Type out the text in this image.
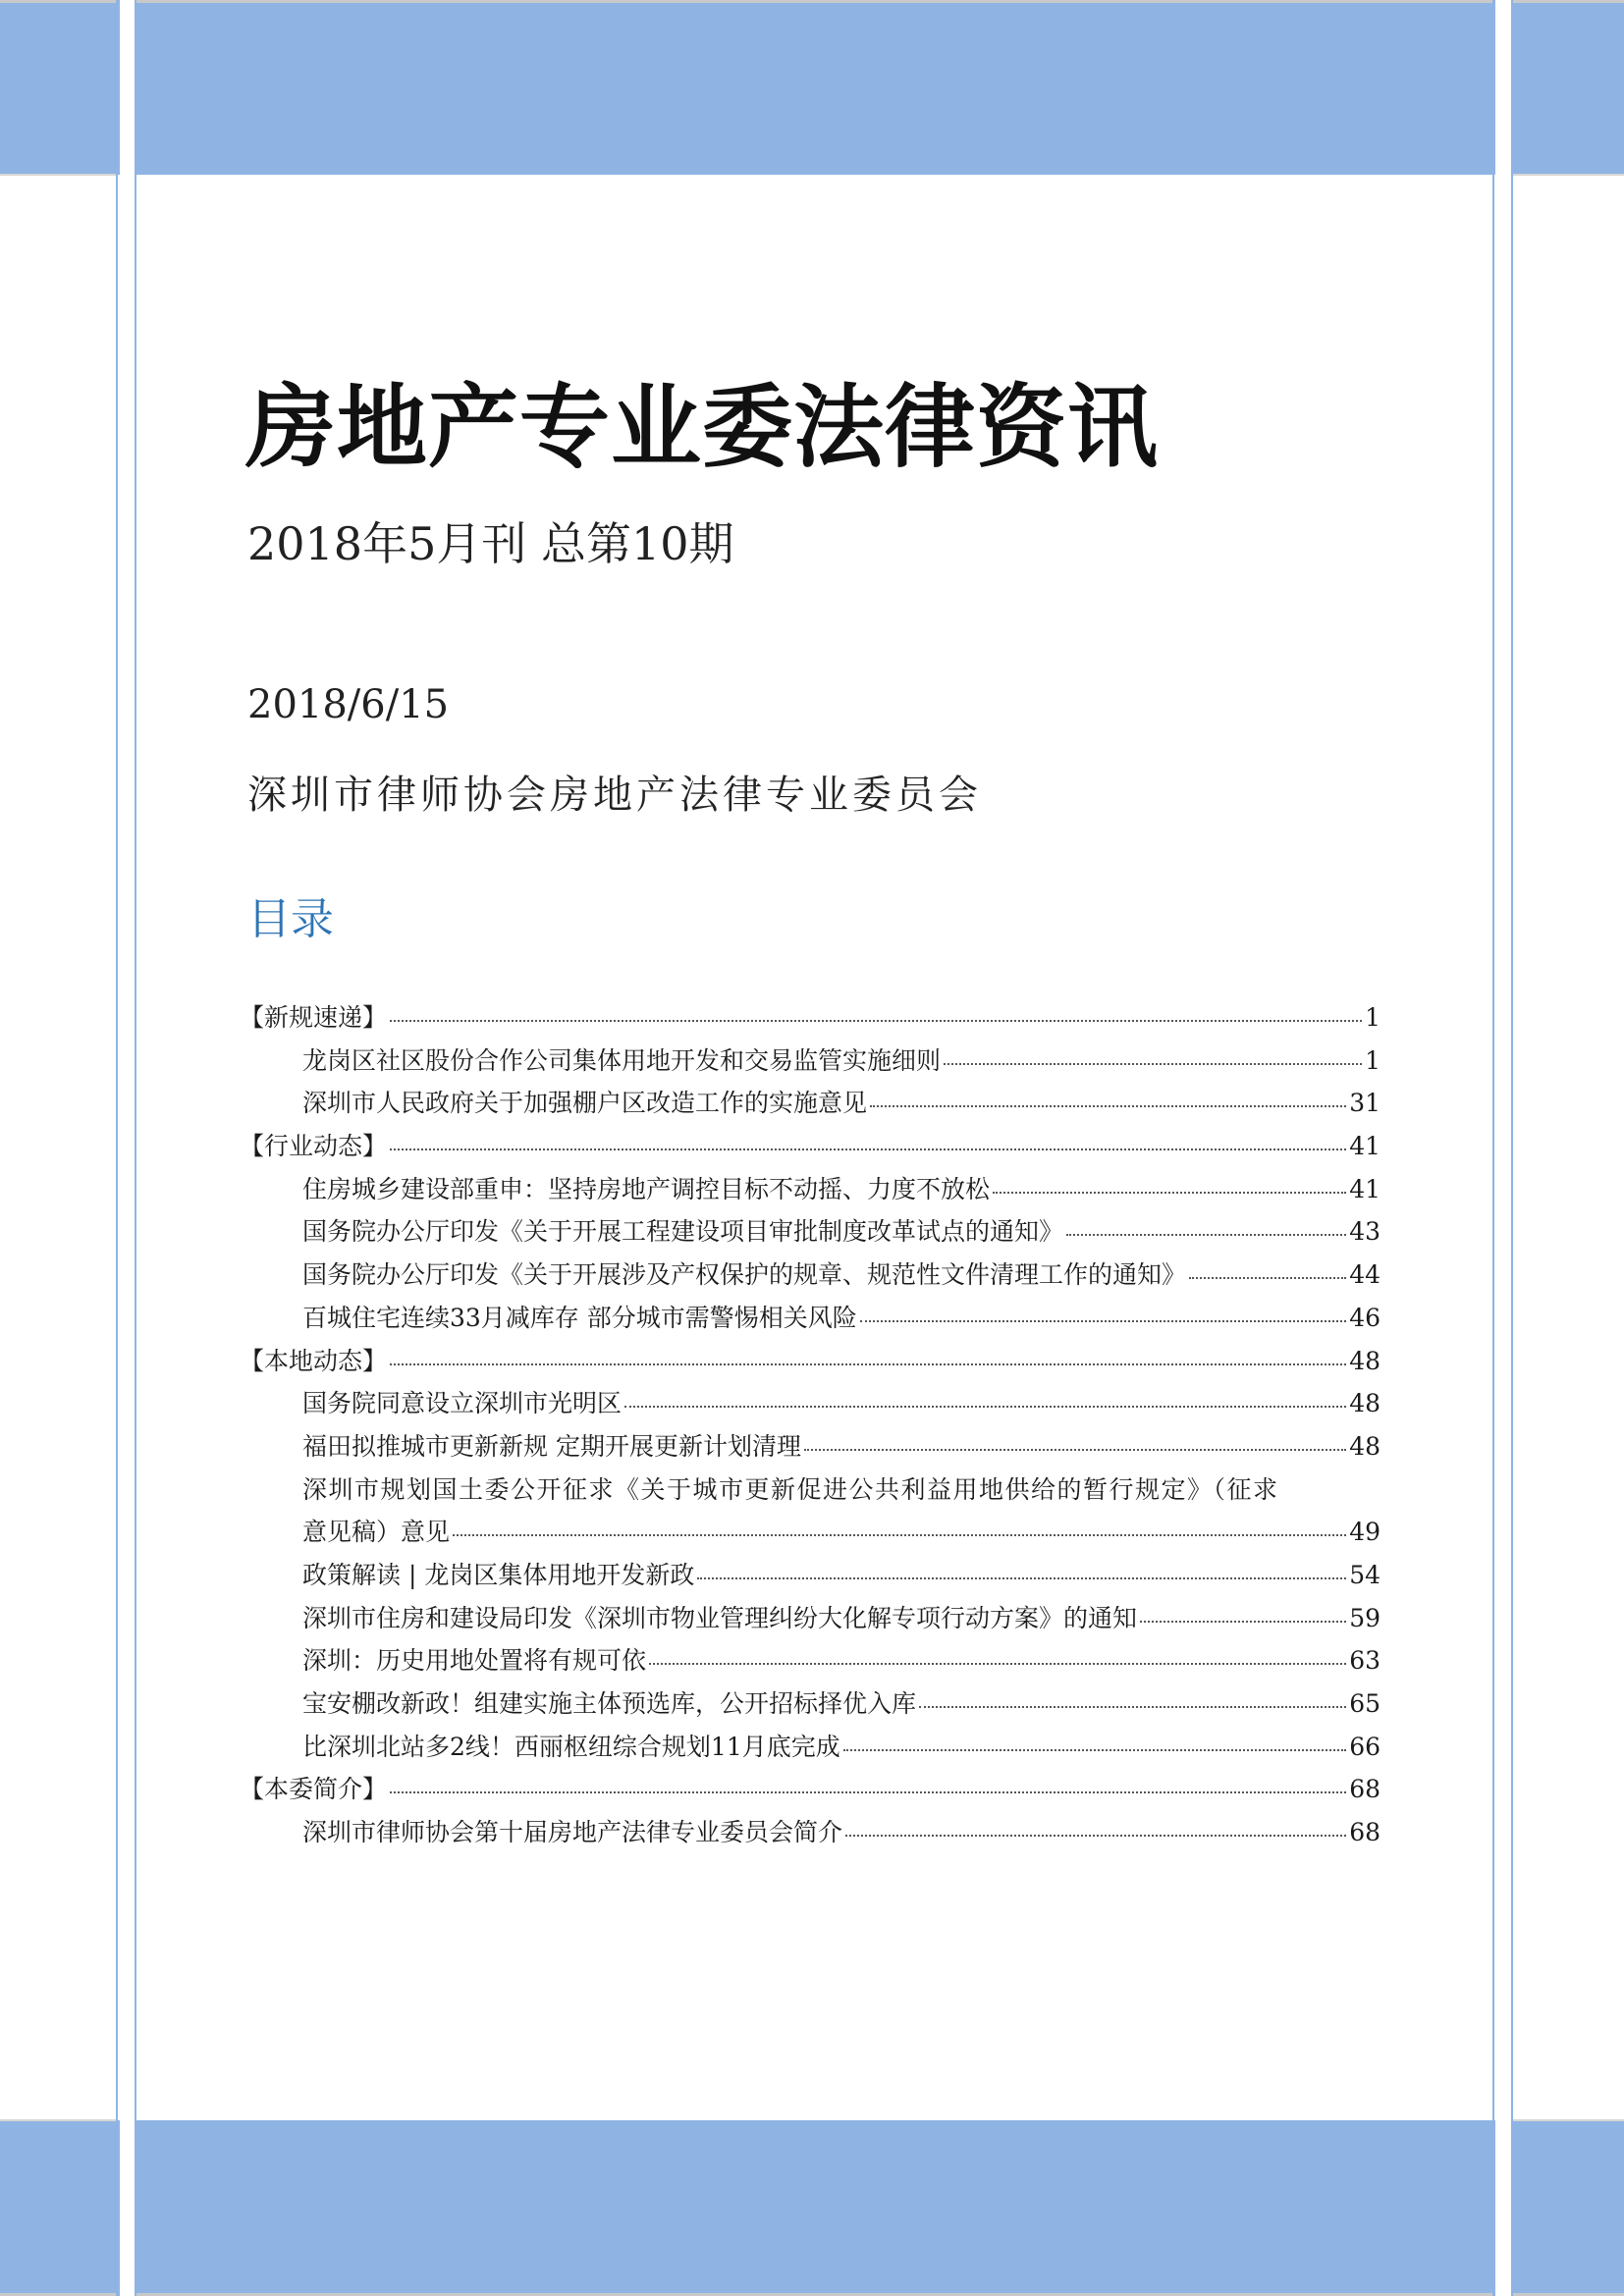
房地产专业委法律资讯
2018年5月刊 总第10期
2018/6/15
深圳市律师协会房地产法律专业委员会
目录
【新规速递】	1
龙岗区社区股份合作公司集体用地开发和交易监管实施细则	1
深圳市人民政府关于加强棚户区改造工作的实施意见	31
【行业动态】	41
住房城乡建设部重申：坚持房地产调控目标不动摇、力度不放松	41
国务院办公厅印发《关于开展工程建设项目审批制度改革试点的通知》	43
国务院办公厅印发《关于开展涉及产权保护的规章、规范性文件清理工作的通知》	44
百城住宅连续33月减库存 部分城市需警惕相关风险	46
【本地动态】	48
国务院同意设立深圳市光明区	48
福田拟推城市更新新规 定期开展更新计划清理	48
深圳市规划国土委公开征求《关于城市更新促进公共利益用地供给的暂行规定》（征求
意见稿）意见	49
政策解读 | 龙岗区集体用地开发新政	54
深圳市住房和建设局印发《深圳市物业管理纠纷大化解专项行动方案》的通知	59
深圳：历史用地处置将有规可依	63
宝安棚改新政！组建实施主体预选库，公开招标择优入库	65
比深圳北站多2线！西丽枢纽综合规划11月底完成	66
【本委简介】	68
深圳市律师协会第十届房地产法律专业委员会简介	68
